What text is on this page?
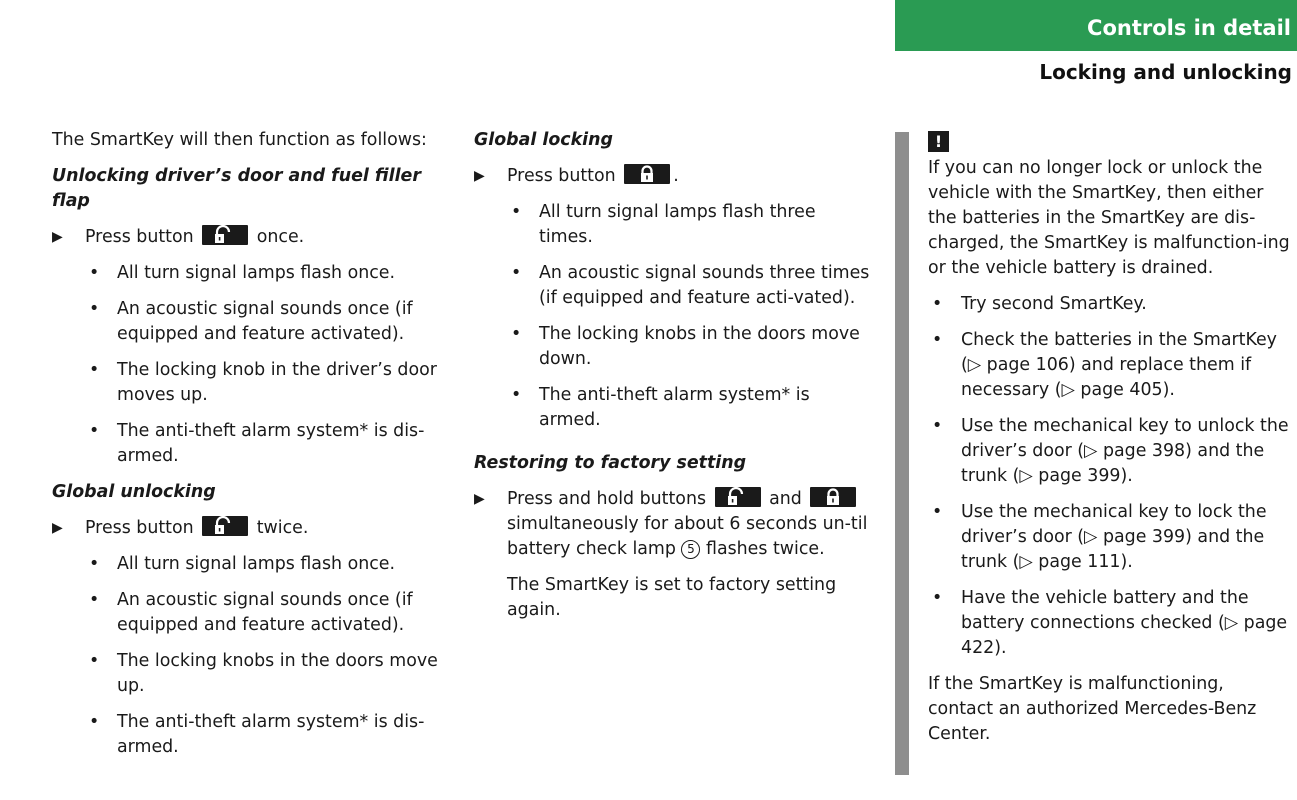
Controls in detail
Locking and unlocking

The SmartKey will then function as follows:

Unlocking driver’s door and fuel filler flap

▶ Press button	once.
• All turn signal lamps flash once.
• An acoustic signal sounds once (if equipped and feature activated).
• The locking knob in the driver’s door moves up.
• The anti-theft alarm system* is dis-armed.

Global unlocking

▶ Press button	twice.
• All turn signal lamps flash once.
• An acoustic signal sounds once (if equipped and feature activated).
• The locking knobs in the doors move up.
• The anti-theft alarm system* is dis-armed.

Global locking

▶ Press button	.
• All turn signal lamps flash three times.
• An acoustic signal sounds three times (if equipped and feature acti-vated).
• The locking knobs in the doors move down.
• The anti-theft alarm system* is armed.

Restoring to factory setting

▶ Press and hold buttons	and
simultaneously for about 6 seconds un-til battery check lamp 5 flashes twice.

The SmartKey is set to factory setting again.

!

If you can no longer lock or unlock the vehicle with the SmartKey, then either the batteries in the SmartKey are dis-charged, the SmartKey is malfunction-ing or the vehicle battery is drained.

• Try second SmartKey.
• Check the batteries in the SmartKey (▷ page 106) and replace them if necessary (▷ page 405).
• Use the mechanical key to unlock the driver’s door (▷ page 398) and the trunk (▷ page 399).
• Use the mechanical key to lock the driver’s door (▷ page 399) and the trunk (▷ page 111).
• Have the vehicle battery and the battery connections checked (▷ page 422).

If the SmartKey is malfunctioning, contact an authorized Mercedes-Benz Center.
